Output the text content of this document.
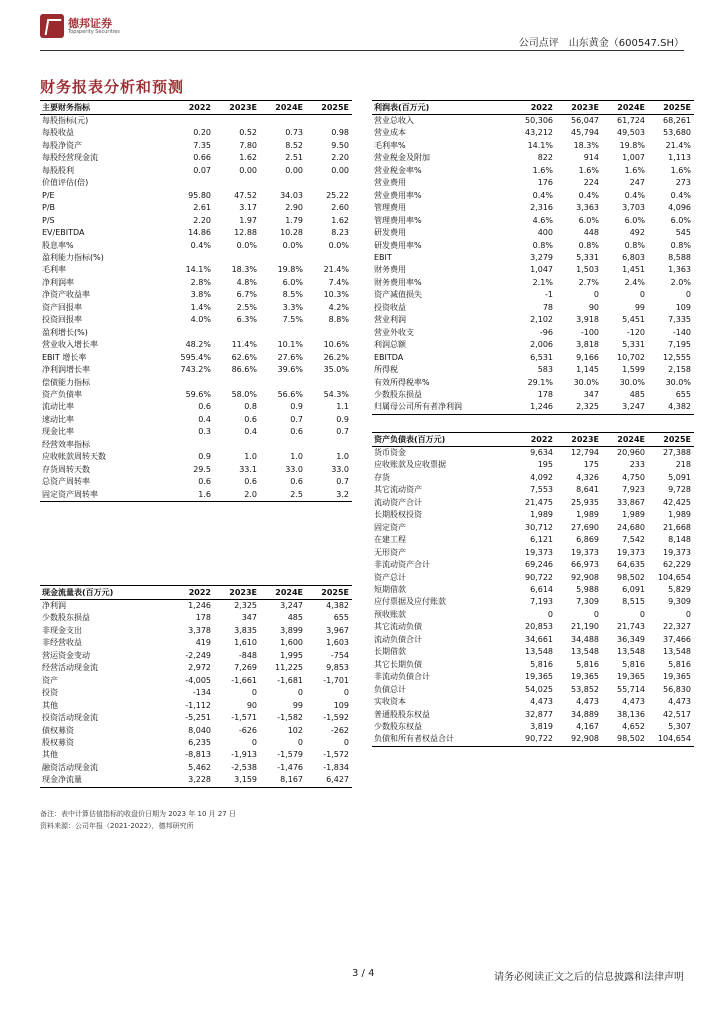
德邦证券
Topsperity Securities
公司点评　山东黄金（600547.SH）
财务报表分析和预测
主要财务指标	2022	2023E	2024E	2025E
每股指标(元)				
每股收益	0.20	0.52	0.73	0.98
每股净资产	7.35	7.80	8.52	9.50
每股经营现金流	0.66	1.62	2.51	2.20
每股股利	0.07	0.00	0.00	0.00
价值评估(倍)				
P/E	95.80	47.52	34.03	25.22
P/B	2.61	3.17	2.90	2.60
P/S	2.20	1.97	1.79	1.62
EV/EBITDA	14.86	12.88	10.28	8.23
股息率%	0.4%	0.0%	0.0%	0.0%
盈利能力指标(%)				
毛利率	14.1%	18.3%	19.8%	21.4%
净利润率	2.8%	4.8%	6.0%	7.4%
净资产收益率	3.8%	6.7%	8.5%	10.3%
资产回报率	1.4%	2.5%	3.3%	4.2%
投资回报率	4.0%	6.3%	7.5%	8.8%
盈利增长(%)				
营业收入增长率	48.2%	11.4%	10.1%	10.6%
EBIT 增长率	595.4%	62.6%	27.6%	26.2%
净利润增长率	743.2%	86.6%	39.6%	35.0%
偿债能力指标				
资产负债率	59.6%	58.0%	56.6%	54.3%
流动比率	0.6	0.8	0.9	1.1
速动比率	0.4	0.6	0.7	0.9
现金比率	0.3	0.4	0.6	0.7
经营效率指标				
应收帐款周转天数	0.9	1.0	1.0	1.0
存货周转天数	29.5	33.1	33.0	33.0
总资产周转率	0.6	0.6	0.6	0.7
固定资产周转率	1.6	2.0	2.5	3.2
利润表(百万元)	2022	2023E	2024E	2025E
营业总收入	50,306	56,047	61,724	68,261
营业成本	43,212	45,794	49,503	53,680
毛利率%	14.1%	18.3%	19.8%	21.4%
营业税金及附加	822	914	1,007	1,113
营业税金率%	1.6%	1.6%	1.6%	1.6%
营业费用	176	224	247	273
营业费用率%	0.4%	0.4%	0.4%	0.4%
管理费用	2,316	3,363	3,703	4,096
管理费用率%	4.6%	6.0%	6.0%	6.0%
研发费用	400	448	492	545
研发费用率%	0.8%	0.8%	0.8%	0.8%
EBIT	3,279	5,331	6,803	8,588
财务费用	1,047	1,503	1,451	1,363
财务费用率%	2.1%	2.7%	2.4%	2.0%
资产减值损失	-1	0	0	0
投资收益	78	90	99	109
营业利润	2,102	3,918	5,451	7,335
营业外收支	-96	-100	-120	-140
利润总额	2,006	3,818	5,331	7,195
EBITDA	6,531	9,166	10,702	12,555
所得税	583	1,145	1,599	2,158
有效所得税率%	29.1%	30.0%	30.0%	30.0%
少数股东损益	178	347	485	655
归属母公司所有者净利润	1,246	2,325	3,247	4,382
资产负债表(百万元)	2022	2023E	2024E	2025E
货币资金	9,634	12,794	20,960	27,388
应收账款及应收票据	195	175	233	218
存货	4,092	4,326	4,750	5,091
其它流动资产	7,553	8,641	7,923	9,728
流动资产合计	21,475	25,935	33,867	42,425
长期股权投资	1,989	1,989	1,989	1,989
固定资产	30,712	27,690	24,680	21,668
在建工程	6,121	6,869	7,542	8,148
无形资产	19,373	19,373	19,373	19,373
非流动资产合计	69,246	66,973	64,635	62,229
资产总计	90,722	92,908	98,502	104,654
短期借款	6,614	5,988	6,091	5,829
应付票据及应付账款	7,193	7,309	8,515	9,309
预收账款	0	0	0	0
其它流动负债	20,853	21,190	21,743	22,327
流动负债合计	34,661	34,488	36,349	37,466
长期借款	13,548	13,548	13,548	13,548
其它长期负债	5,816	5,816	5,816	5,816
非流动负债合计	19,365	19,365	19,365	19,365
负债总计	54,025	53,852	55,714	56,830
实收资本	4,473	4,473	4,473	4,473
普通股股东权益	32,877	34,889	38,136	42,517
少数股东权益	3,819	4,167	4,652	5,307
负债和所有者权益合计	90,722	92,908	98,502	104,654
现金流量表(百万元)	2022	2023E	2024E	2025E
净利润	1,246	2,325	3,247	4,382
少数股东损益	178	347	485	655
非现金支出	3,378	3,835	3,899	3,967
非经营收益	419	1,610	1,600	1,603
营运资金变动	-2,249	-848	1,995	-754
经营活动现金流	2,972	7,269	11,225	9,853
资产	-4,005	-1,661	-1,681	-1,701
投资	-134	0	0	0
其他	-1,112	90	99	109
投资活动现金流	-5,251	-1,571	-1,582	-1,592
债权募资	8,040	-626	102	-262
股权募资	6,235	0	0	0
其他	-8,813	-1,913	-1,579	-1,572
融资活动现金流	5,462	-2,538	-1,476	-1,834
现金净流量	3,228	3,159	8,167	6,427
备注：表中计算估值指标的收盘价日期为 2023 年 10 月 27 日
资料来源：公司年报（2021-2022），德邦研究所
3 / 4	请务必阅读正文之后的信息披露和法律声明
